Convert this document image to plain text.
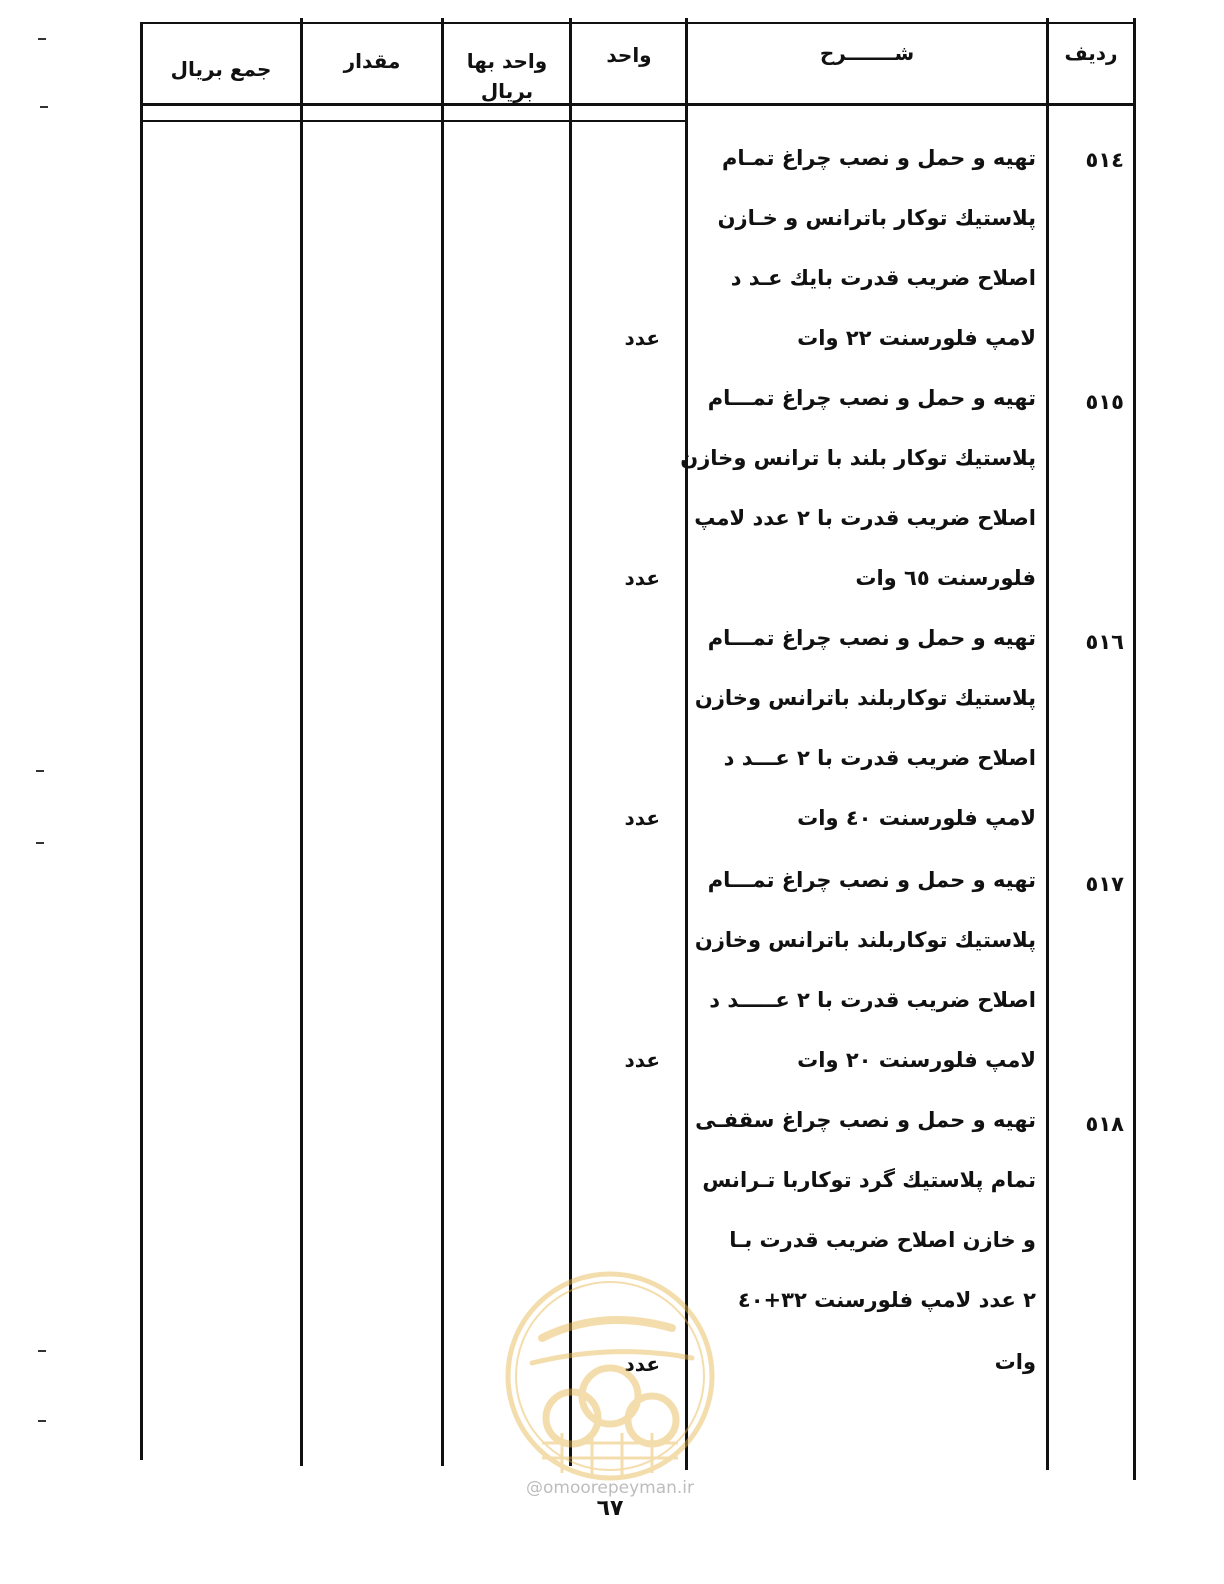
ردیف
شـــــــرح
واحد
واحد بها
بریال
مقدار
جمع بریال
٥١٤
تهیه و حمل و نصب چراغ تمـام
پلاستیك توكار باترانس و خـازن
اصلاح ضریب قدرت بایك عـد د
لامپ فلورسنت ٢٢ وات
عدد
٥١٥
تهیه و حمل و نصب چراغ تمـــام
پلاستیك توكار بلند با ترانس وخازن
اصلاح ضریب قدرت با ٢ عدد لامپ
فلورسنت ٦٥ وات
عدد
٥١٦
تهیه و حمل و نصب چراغ تمـــام
پلاستیك توكاربلند باترانس وخازن
اصلاح ضریب قدرت با ٢ عـــد د
لامپ فلورسنت ٤٠ وات
عدد
٥١٧
تهیه و حمل و نصب چراغ تمـــام
پلاستیك توكاربلند باترانس وخازن
اصلاح ضریب قدرت با ٢ عـــــد د
لامپ فلورسنت ٢٠ وات
عدد
٥١٨
تهیه و حمل و نصب چراغ سقفـی
تمام پلاستیك گرد توكاربا تـرانس
و خازن اصلاح ضریب قدرت بـا
٢ عدد لامپ فلورسنت ٣٢+٤٠
وات
عدد
@omoorepeyman.ir
٦٧
